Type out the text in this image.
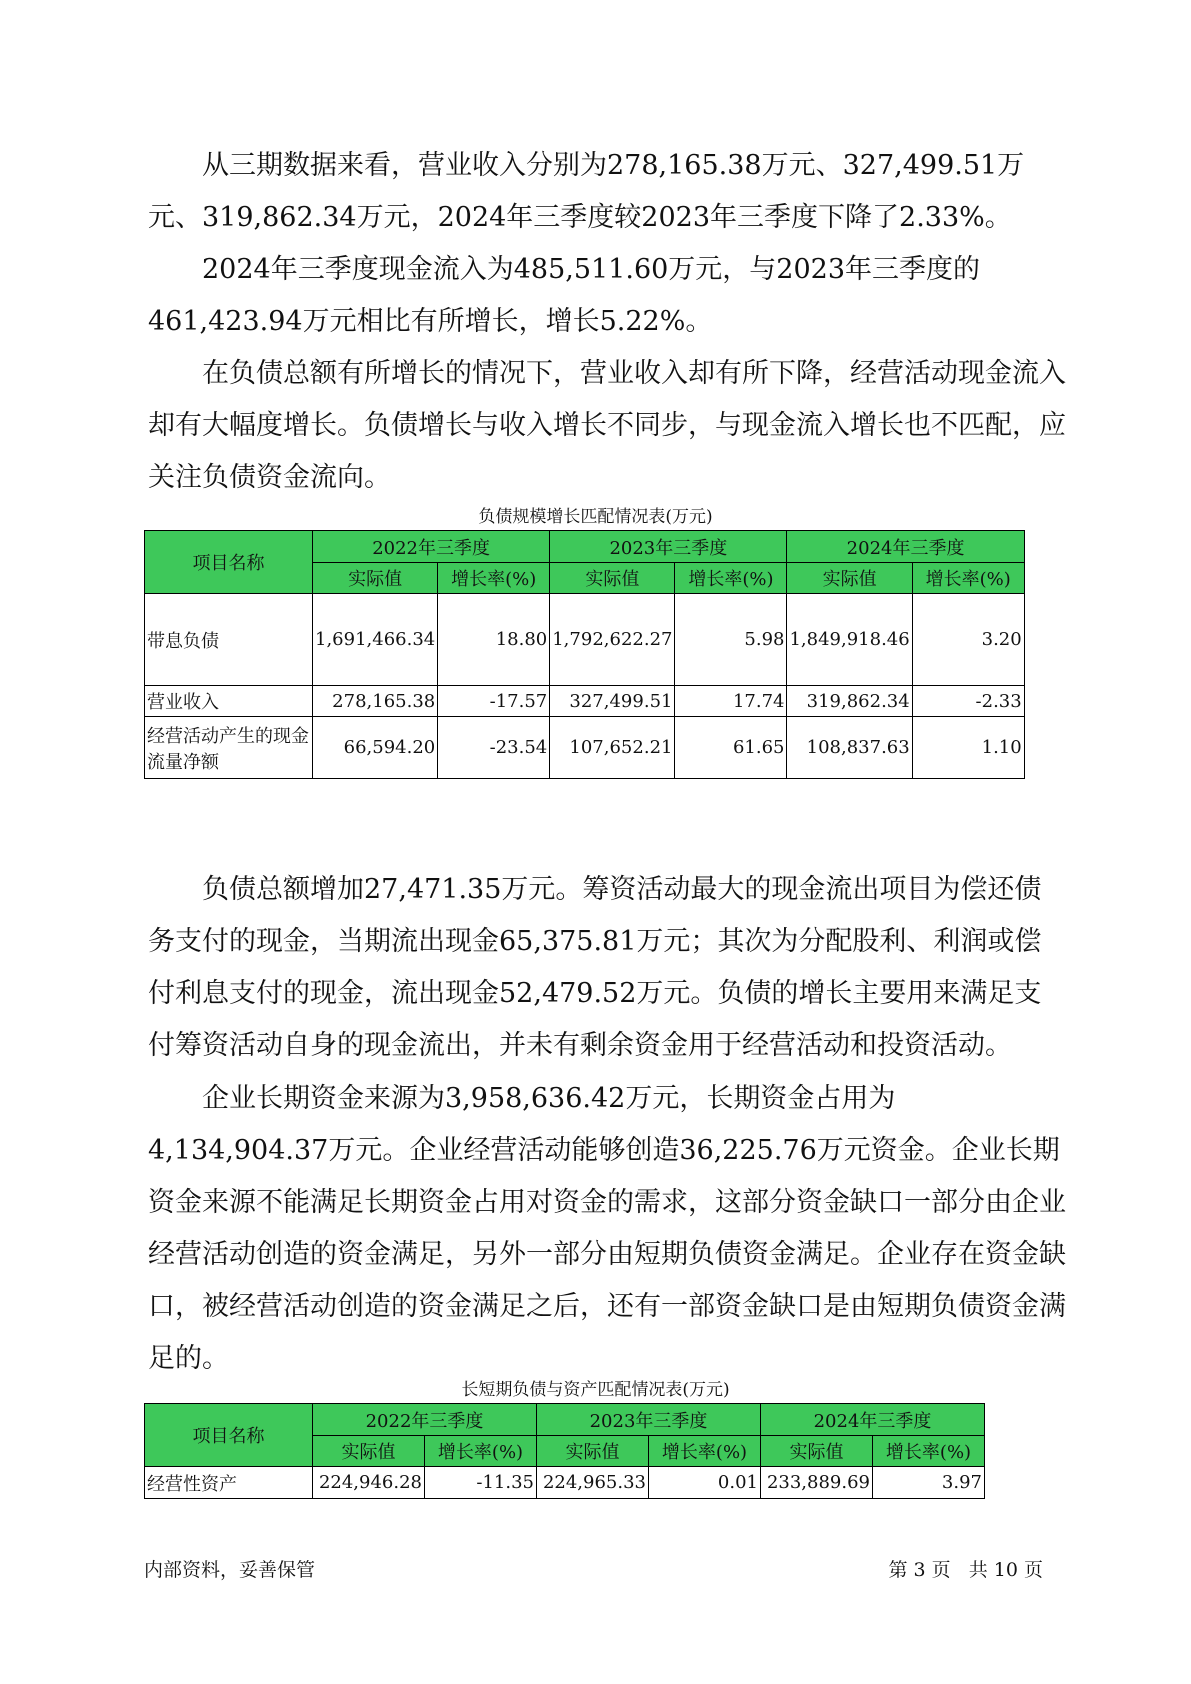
从三期数据来看，营业收入分别为278,165.38万元、327,499.51万元、319,862.34万元，2024年三季度较2023年三季度下降了2.33%。

2024年三季度现金流入为485,511.60万元，与2023年三季度的461,423.94万元相比有所增长，增长5.22%。

在负债总额有所增长的情况下，营业收入却有所下降，经营活动现金流入却有大幅度增长。负债增长与收入增长不同步，与现金流入增长也不匹配，应关注负债资金流向。

负债规模增长匹配情况表(万元)
项目名称	2022年三季度		2023年三季度		2024年三季度	
	实际值	增长率(%)	实际值	增长率(%)	实际值	增长率(%)
带息负债	1,691,466.34	18.80	1,792,622.27	5.98	1,849,918.46	3.20
营业收入	278,165.38	-17.57	327,499.51	17.74	319,862.34	-2.33
经营活动产生的现金流量净额	66,594.20	-23.54	107,652.21	61.65	108,837.63	1.10

负债总额增加27,471.35万元。筹资活动最大的现金流出项目为偿还债务支付的现金，当期流出现金65,375.81万元；其次为分配股利、利润或偿付利息支付的现金，流出现金52,479.52万元。负债的增长主要用来满足支付筹资活动自身的现金流出，并未有剩余资金用于经营活动和投资活动。

企业长期资金来源为3,958,636.42万元，长期资金占用为4,134,904.37万元。企业经营活动能够创造36,225.76万元资金。企业长期资金来源不能满足长期资金占用对资金的需求，这部分资金缺口一部分由企业经营活动创造的资金满足，另外一部分由短期负债资金满足。企业存在资金缺口，被经营活动创造的资金满足之后，还有一部资金缺口是由短期负债资金满足的。

长短期负债与资产匹配情况表(万元)
项目名称	2022年三季度		2023年三季度		2024年三季度	
	实际值	增长率(%)	实际值	增长率(%)	实际值	增长率(%)
经营性资产	224,946.28	-11.35	224,965.33	0.01	233,889.69	3.97
内部资料，妥善保管	第 3 页   共 10 页
